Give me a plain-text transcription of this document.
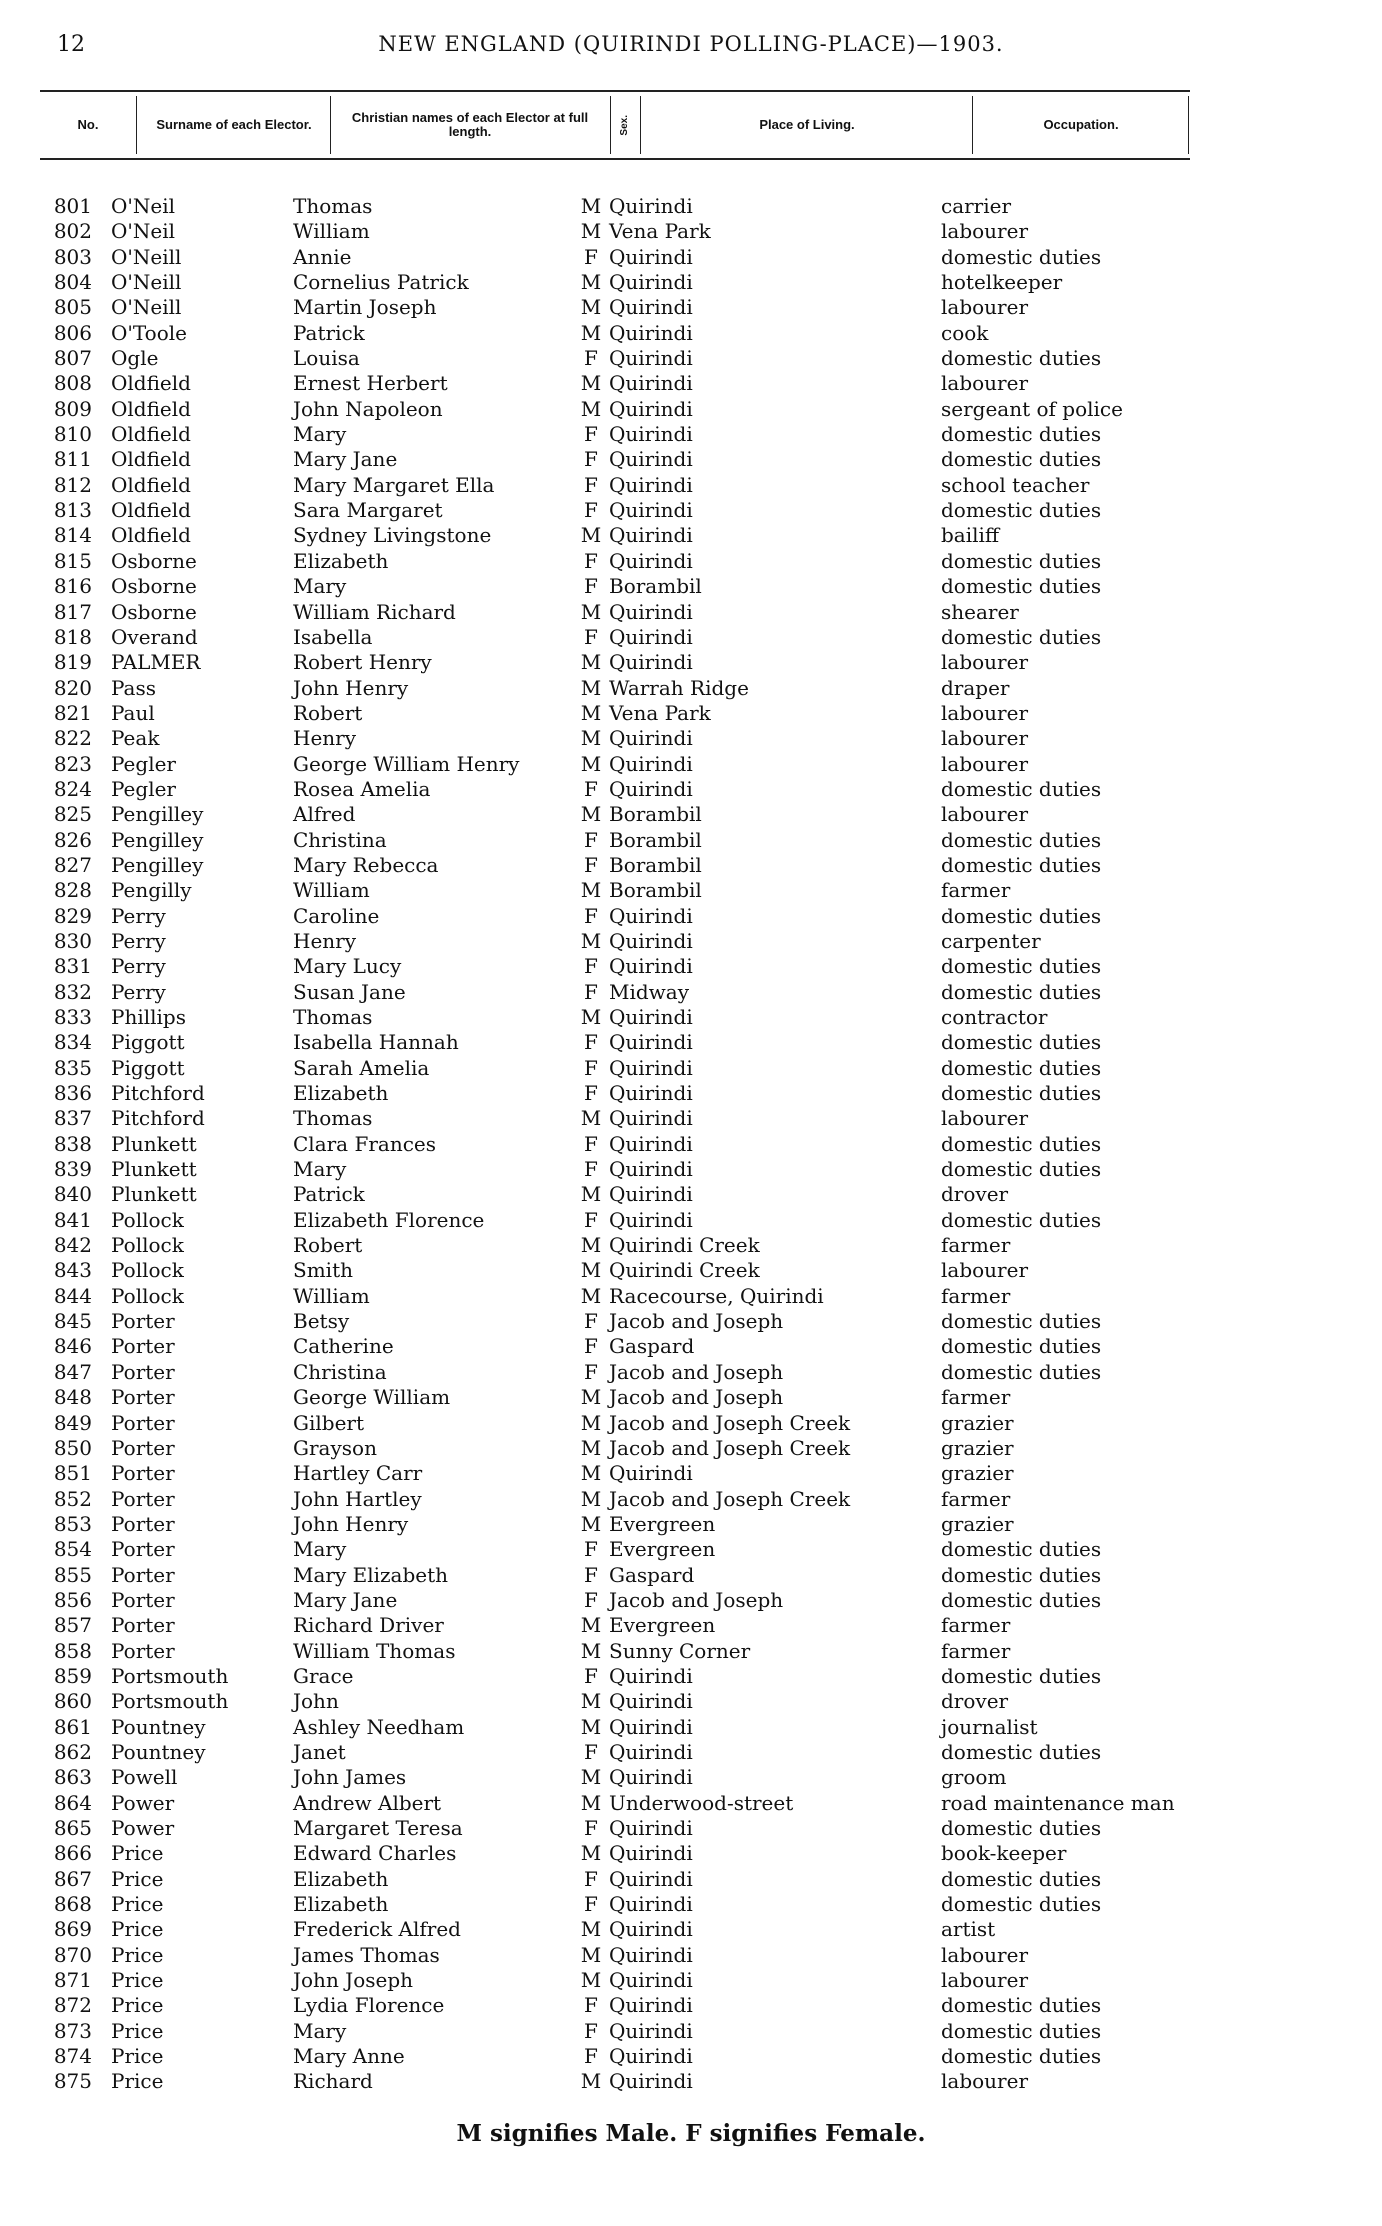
12	NEW ENGLAND (QUIRINDI POLLING-PLACE)—1903.
No.	Surname of each Elector.	Christian names of each Elector at full length.	Sex.	Place of Living.	Occupation.
801 O'Neil	Thomas	M Quirindi	carrier
802 O'Neil	William	M Vena Park	labourer
803 O'Neill	Annie	F Quirindi	domestic duties
804 O'Neill	Cornelius Patrick	M Quirindi	hotelkeeper
805 O'Neill	Martin Joseph	M Quirindi	labourer
806 O'Toole	Patrick	M Quirindi	cook
807 Ogle	Louisa	F Quirindi	domestic duties
808 Oldfield	Ernest Herbert	M Quirindi	labourer
809 Oldfield	John Napoleon	M Quirindi	sergeant of police
810 Oldfield	Mary	F Quirindi	domestic duties
811 Oldfield	Mary Jane	F Quirindi	domestic duties
812 Oldfield	Mary Margaret Ella	F Quirindi	school teacher
813 Oldfield	Sara Margaret	F Quirindi	domestic duties
814 Oldfield	Sydney Livingstone	M Quirindi	bailiff
815 Osborne	Elizabeth	F Quirindi	domestic duties
816 Osborne	Mary	F Borambil	domestic duties
817 Osborne	William Richard	M Quirindi	shearer
818 Overand	Isabella	F Quirindi	domestic duties
819 PALMER	Robert Henry	M Quirindi	labourer
820 Pass	John Henry	M Warrah Ridge	draper
821 Paul	Robert	M Vena Park	labourer
822 Peak	Henry	M Quirindi	labourer
823 Pegler	George William Henry	M Quirindi	labourer
824 Pegler	Rosea Amelia	F Quirindi	domestic duties
825 Pengilley	Alfred	M Borambil	labourer
826 Pengilley	Christina	F Borambil	domestic duties
827 Pengilley	Mary Rebecca	F Borambil	domestic duties
828 Pengilly	William	M Borambil	farmer
829 Perry	Caroline	F Quirindi	domestic duties
830 Perry	Henry	M Quirindi	carpenter
831 Perry	Mary Lucy	F Quirindi	domestic duties
832 Perry	Susan Jane	F Midway	domestic duties
833 Phillips	Thomas	M Quirindi	contractor
834 Piggott	Isabella Hannah	F Quirindi	domestic duties
835 Piggott	Sarah Amelia	F Quirindi	domestic duties
836 Pitchford	Elizabeth	F Quirindi	domestic duties
837 Pitchford	Thomas	M Quirindi	labourer
838 Plunkett	Clara Frances	F Quirindi	domestic duties
839 Plunkett	Mary	F Quirindi	domestic duties
840 Plunkett	Patrick	M Quirindi	drover
841 Pollock	Elizabeth Florence	F Quirindi	domestic duties
842 Pollock	Robert	M Quirindi Creek	farmer
843 Pollock	Smith	M Quirindi Creek	labourer
844 Pollock	William	M Racecourse, Quirindi	farmer
845 Porter	Betsy	F Jacob and Joseph	domestic duties
846 Porter	Catherine	F Gaspard	domestic duties
847 Porter	Christina	F Jacob and Joseph	domestic duties
848 Porter	George William	M Jacob and Joseph	farmer
849 Porter	Gilbert	M Jacob and Joseph Creek	grazier
850 Porter	Grayson	M Jacob and Joseph Creek	grazier
851 Porter	Hartley Carr	M Quirindi	grazier
852 Porter	John Hartley	M Jacob and Joseph Creek	farmer
853 Porter	John Henry	M Evergreen	grazier
854 Porter	Mary	F Evergreen	domestic duties
855 Porter	Mary Elizabeth	F Gaspard	domestic duties
856 Porter	Mary Jane	F Jacob and Joseph	domestic duties
857 Porter	Richard Driver	M Evergreen	farmer
858 Porter	William Thomas	M Sunny Corner	farmer
859 Portsmouth	Grace	F Quirindi	domestic duties
860 Portsmouth	John	M Quirindi	drover
861 Pountney	Ashley Needham	M Quirindi	journalist
862 Pountney	Janet	F Quirindi	domestic duties
863 Powell	John James	M Quirindi	groom
864 Power	Andrew Albert	M Underwood-street	road maintenance man
865 Power	Margaret Teresa	F Quirindi	domestic duties
866 Price	Edward Charles	M Quirindi	book-keeper
867 Price	Elizabeth	F Quirindi	domestic duties
868 Price	Elizabeth	F Quirindi	domestic duties
869 Price	Frederick Alfred	M Quirindi	artist
870 Price	James Thomas	M Quirindi	labourer
871 Price	John Joseph	M Quirindi	labourer
872 Price	Lydia Florence	F Quirindi	domestic duties
873 Price	Mary	F Quirindi	domestic duties
874 Price	Mary Anne	F Quirindi	domestic duties
875 Price	Richard	M Quirindi	labourer
M signifies Male. F signifies Female.
